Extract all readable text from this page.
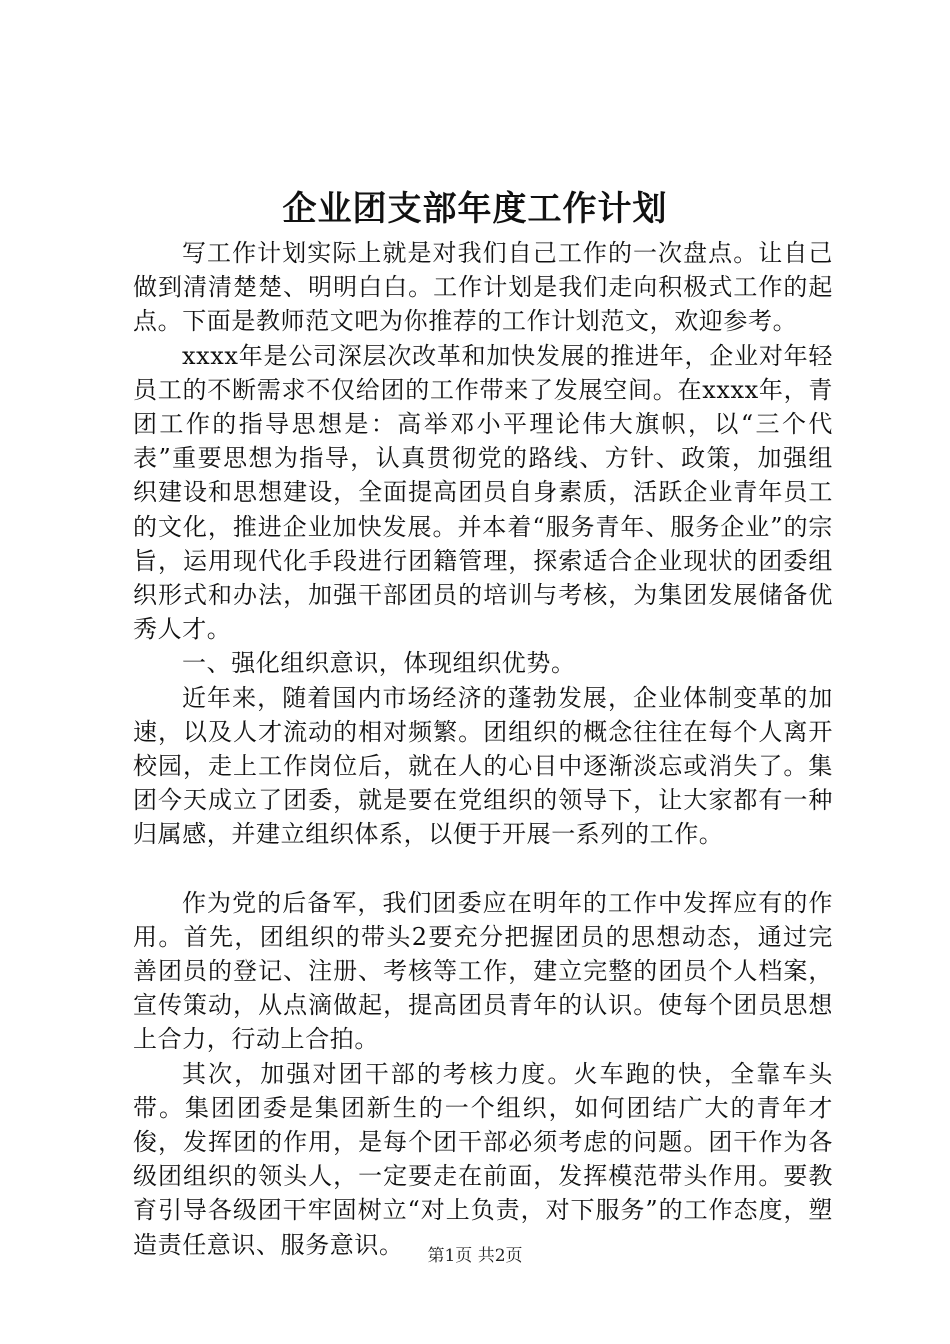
企业团支部年度工作计划

写工作计划实际上就是对我们自己工作的一次盘点。让自己做到清清楚楚、明明白白。工作计划是我们走向积极式工作的起点。下面是教师范文吧为你推荐的工作计划范文，欢迎参考。

xxxx年是公司深层次改革和加快发展的推进年，企业对年轻员工的不断需求不仅给团的工作带来了发展空间。在xxxx年，青团工作的指导思想是：高举邓小平理论伟大旗帜，以“三个代表”重要思想为指导，认真贯彻党的路线、方针、政策，加强组织建设和思想建设，全面提高团员自身素质，活跃企业青年员工的文化，推进企业加快发展。并本着“服务青年、服务企业”的宗旨，运用现代化手段进行团籍管理，探索适合企业现状的团委组织形式和办法，加强干部团员的培训与考核，为集团发展储备优秀人才。

一、强化组织意识，体现组织优势。

近年来，随着国内市场经济的蓬勃发展，企业体制变革的加速，以及人才流动的相对频繁。团组织的概念往往在每个人离开校园，走上工作岗位后，就在人的心目中逐渐淡忘或消失了。集团今天成立了团委，就是要在党组织的领导下，让大家都有一种归属感，并建立组织体系，以便于开展一系列的工作。

作为党的后备军，我们团委应在明年的工作中发挥应有的作用。首先，团组织的带头2要充分把握团员的思想动态，通过完善团员的登记、注册、考核等工作，建立完整的团员个人档案，宣传策动，从点滴做起，提高团员青年的认识。使每个团员思想上合力，行动上合拍。

其次，加强对团干部的考核力度。火车跑的快，全靠车头带。集团团委是集团新生的一个组织，如何团结广大的青年才俊，发挥团的作用，是每个团干部必须考虑的问题。团干作为各级团组织的领头人，一定要走在前面，发挥模范带头作用。要教育引导各级团干牢固树立“对上负责，对下服务”的工作态度，塑造责任意识、服务意识。	第1页 共2页
